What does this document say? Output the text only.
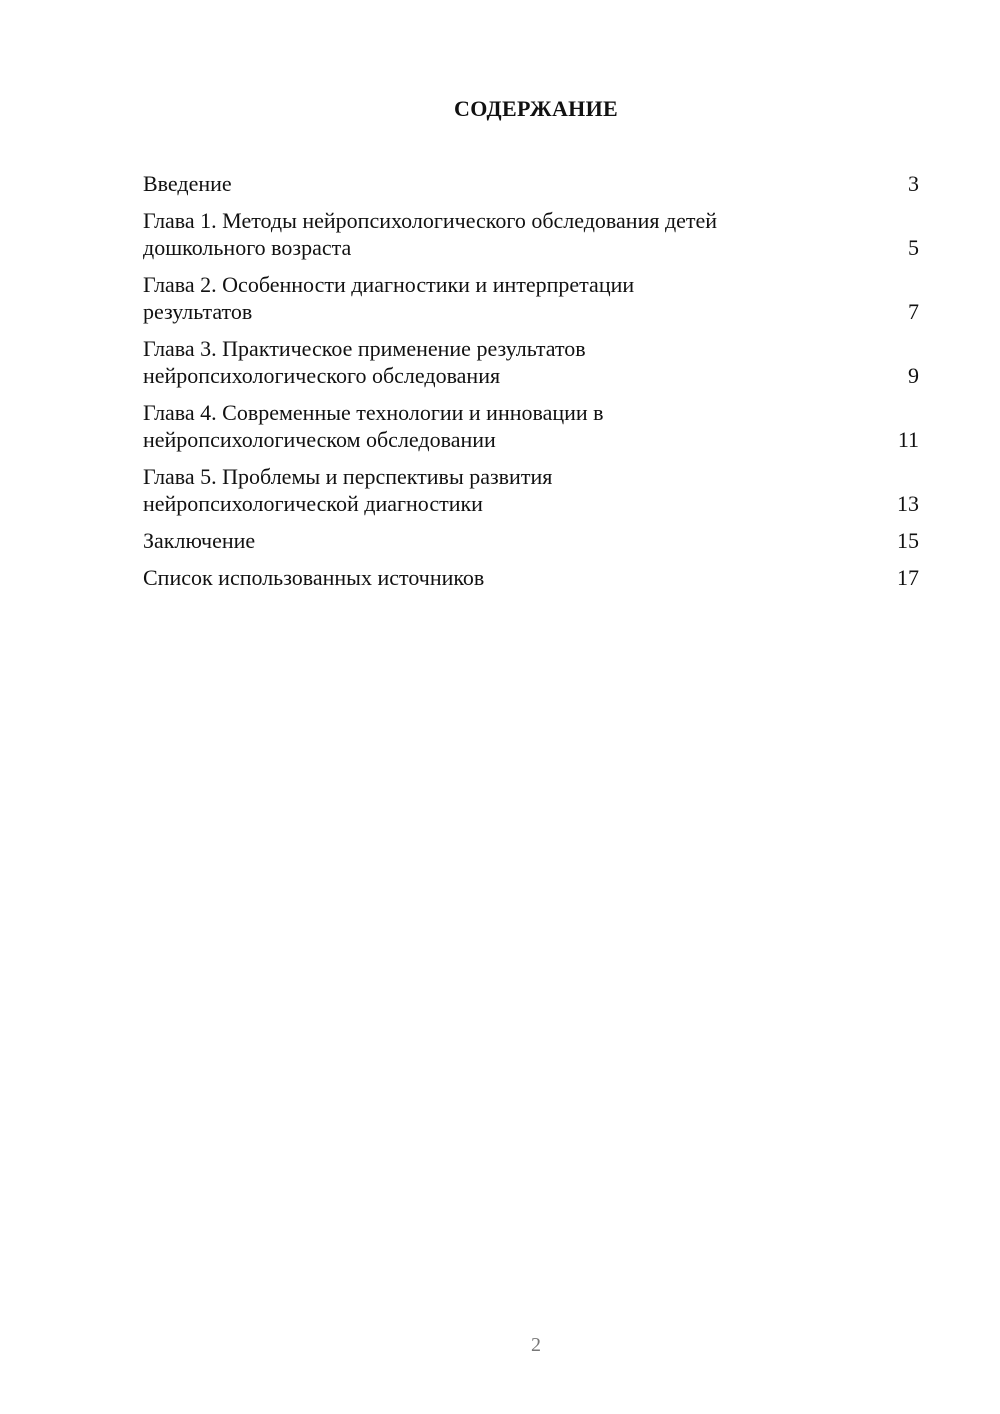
СОДЕРЖАНИЕ
Введение	3
Глава 1. Методы нейропсихологического обследования детей
дошкольного возраста	5
Глава 2. Особенности диагностики и интерпретации
результатов	7
Глава 3. Практическое применение результатов
нейропсихологического обследования	9
Глава 4. Современные технологии и инновации в
нейропсихологическом обследовании	11
Глава 5. Проблемы и перспективы развития
нейропсихологической диагностики	13
Заключение	15
Список использованных источников	17
2
